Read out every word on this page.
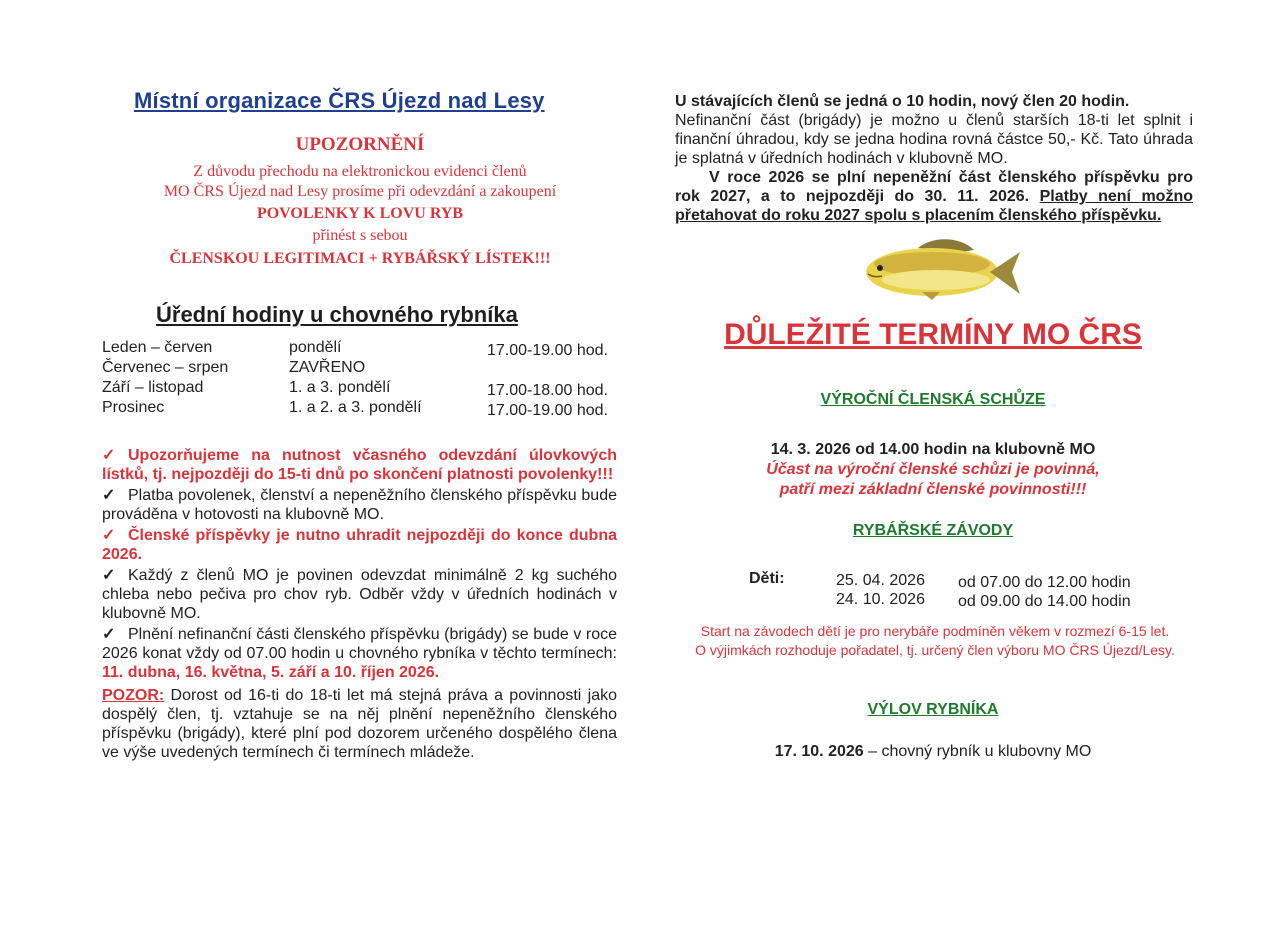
Místní organizace ČRS Újezd nad Lesy
UPOZORNĚNÍ
Z důvodu přechodu na elektronickou evidenci členů
MO ČRS Újezd nad Lesy prosíme při odevzdání a zakoupení
POVOLENKY K LOVU RYB
přinést s sebou
ČLENSKOU LEGITIMACI + RYBÁŘSKÝ LÍSTEK!!!
Úřední hodiny u chovného rybníka
Leden – červen	pondělí	17.00-19.00 hod.
Červenec – srpen	ZAVŘENO
Září – listopad	1. a 3. pondělí	17.00-18.00 hod.
Prosinec	1. a 2. a 3. pondělí	17.00-19.00 hod.
✓ Upozorňujeme na nutnost včasného odevzdání úlovkových lístků, tj. nejpozději do 15-ti dnů po skončení platnosti povolenky!!!
✓ Platba povolenek, členství a nepeněžního členského příspěvku bude prováděna v hotovosti na klubovně MO.
✓ Členské příspěvky je nutno uhradit nejpozději do konce dubna 2026.
✓ Každý z členů MO je povinen odevzdat minimálně 2 kg suchého chleba nebo pečiva pro chov ryb. Odběr vždy v úředních hodinách v klubovně MO.
✓ Plnění nefinanční části členského příspěvku (brigády) se bude v roce 2026 konat vždy od 07.00 hodin u chovného rybníka v těchto termínech: 11. dubna, 16. května, 5. září a 10. říjen 2026.
POZOR: Dorost od 16-ti do 18-ti let má stejná práva a povinnosti jako dospělý člen, tj. vztahuje se na něj plnění nepeněžního členského příspěvku (brigády), které plní pod dozorem určeného dospělého člena ve výše uvedených termínech či termínech mládeže.
U stávajících členů se jedná o 10 hodin, nový člen 20 hodin.
Nefinanční část (brigády) je možno u členů starších 18-ti let splnit i finanční úhradou, kdy se jedna hodina rovná částce 50,- Kč. Tato úhrada je splatná v úředních hodinách v klubovně MO.
V roce 2026 se plní nepeněžní část členského příspěvku pro rok 2027, a to nejpozději do 30. 11. 2026. Platby není možno přetahovat do roku 2027 spolu s placením členského příspěvku.
DŮLEŽITÉ TERMÍNY MO ČRS
VÝROČNÍ ČLENSKÁ SCHŮZE
14. 3. 2026 od 14.00 hodin na klubovně MO
Účast na výroční členské schůzi je povinná,
patří mezi základní členské povinnosti!!!
RYBÁŘSKÉ ZÁVODY
Děti:	25. 04. 2026 od 07.00 do 12.00 hodin
24. 10. 2026 od 09.00 do 14.00 hodin
Start na závodech dětí je pro nerybáře podmíněn věkem v rozmezí 6-15 let.
O výjimkách rozhoduje pořadatel, tj. určený člen výboru MO ČRS Újezd/Lesy.
VÝLOV RYBNÍKA
17. 10. 2026 – chovný rybník u klubovny MO
